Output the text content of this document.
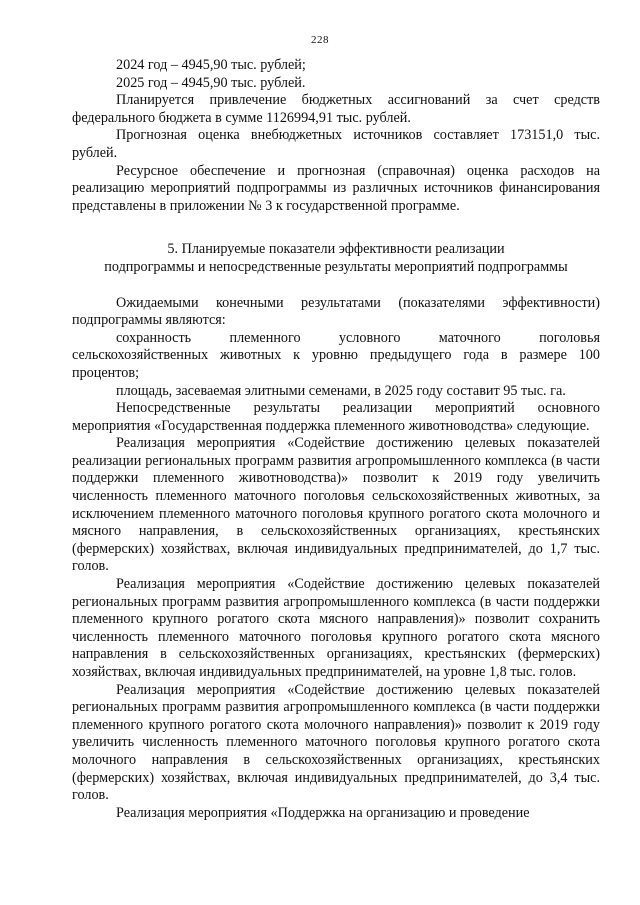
228

2024 год – 4945,90 тыс. рублей;

2025 год – 4945,90 тыс. рублей.

Планируется привлечение бюджетных ассигнований за счет средств федерального бюджета в сумме 1126994,91 тыс. рублей.

Прогнозная оценка внебюджетных источников составляет 173151,0 тыс. рублей.

Ресурсное обеспечение и прогнозная (справочная) оценка расходов на реализацию мероприятий подпрограммы из различных источников финансирования представлены в приложении № 3 к государственной программе.

5. Планируемые показатели эффективности реализации
подпрограммы и непосредственные результаты мероприятий подпрограммы

Ожидаемыми конечными результатами (показателями эффективности) подпрограммы являются:

сохранность племенного условного маточного поголовья сельскохозяйственных животных к уровню предыдущего года в размере 100 процентов;

площадь, засеваемая элитными семенами, в 2025 году составит 95 тыс. га.

Непосредственные результаты реализации мероприятий основного мероприятия «Государственная поддержка племенного животноводства» следующие.

Реализация мероприятия «Содействие достижению целевых показателей реализации региональных программ развития агропромышленного комплекса (в части поддержки племенного животноводства)» позволит к 2019 году увеличить численность племенного маточного поголовья сельскохозяйственных животных, за исключением племенного маточного поголовья крупного рогатого скота молочного и мясного направления, в сельскохозяйственных организациях, крестьянских (фермерских) хозяйствах, включая индивидуальных предпринимателей, до 1,7 тыс. голов.

Реализация мероприятия «Содействие достижению целевых показателей региональных программ развития агропромышленного комплекса (в части поддержки племенного крупного рогатого скота мясного направления)» позволит сохранить численность племенного маточного поголовья крупного рогатого скота мясного направления в сельскохозяйственных организациях, крестьянских (фермерских) хозяйствах, включая индивидуальных предпринимателей, на уровне 1,8 тыс. голов.

Реализация мероприятия «Содействие достижению целевых показателей региональных программ развития агропромышленного комплекса (в части поддержки племенного крупного рогатого скота молочного направления)» позволит к 2019 году увеличить численность племенного маточного поголовья крупного рогатого скота молочного направления в сельскохозяйственных организациях, крестьянских (фермерских) хозяйствах, включая индивидуальных предпринимателей, до 3,4 тыс. голов.

Реализация мероприятия «Поддержка на организацию и проведение
